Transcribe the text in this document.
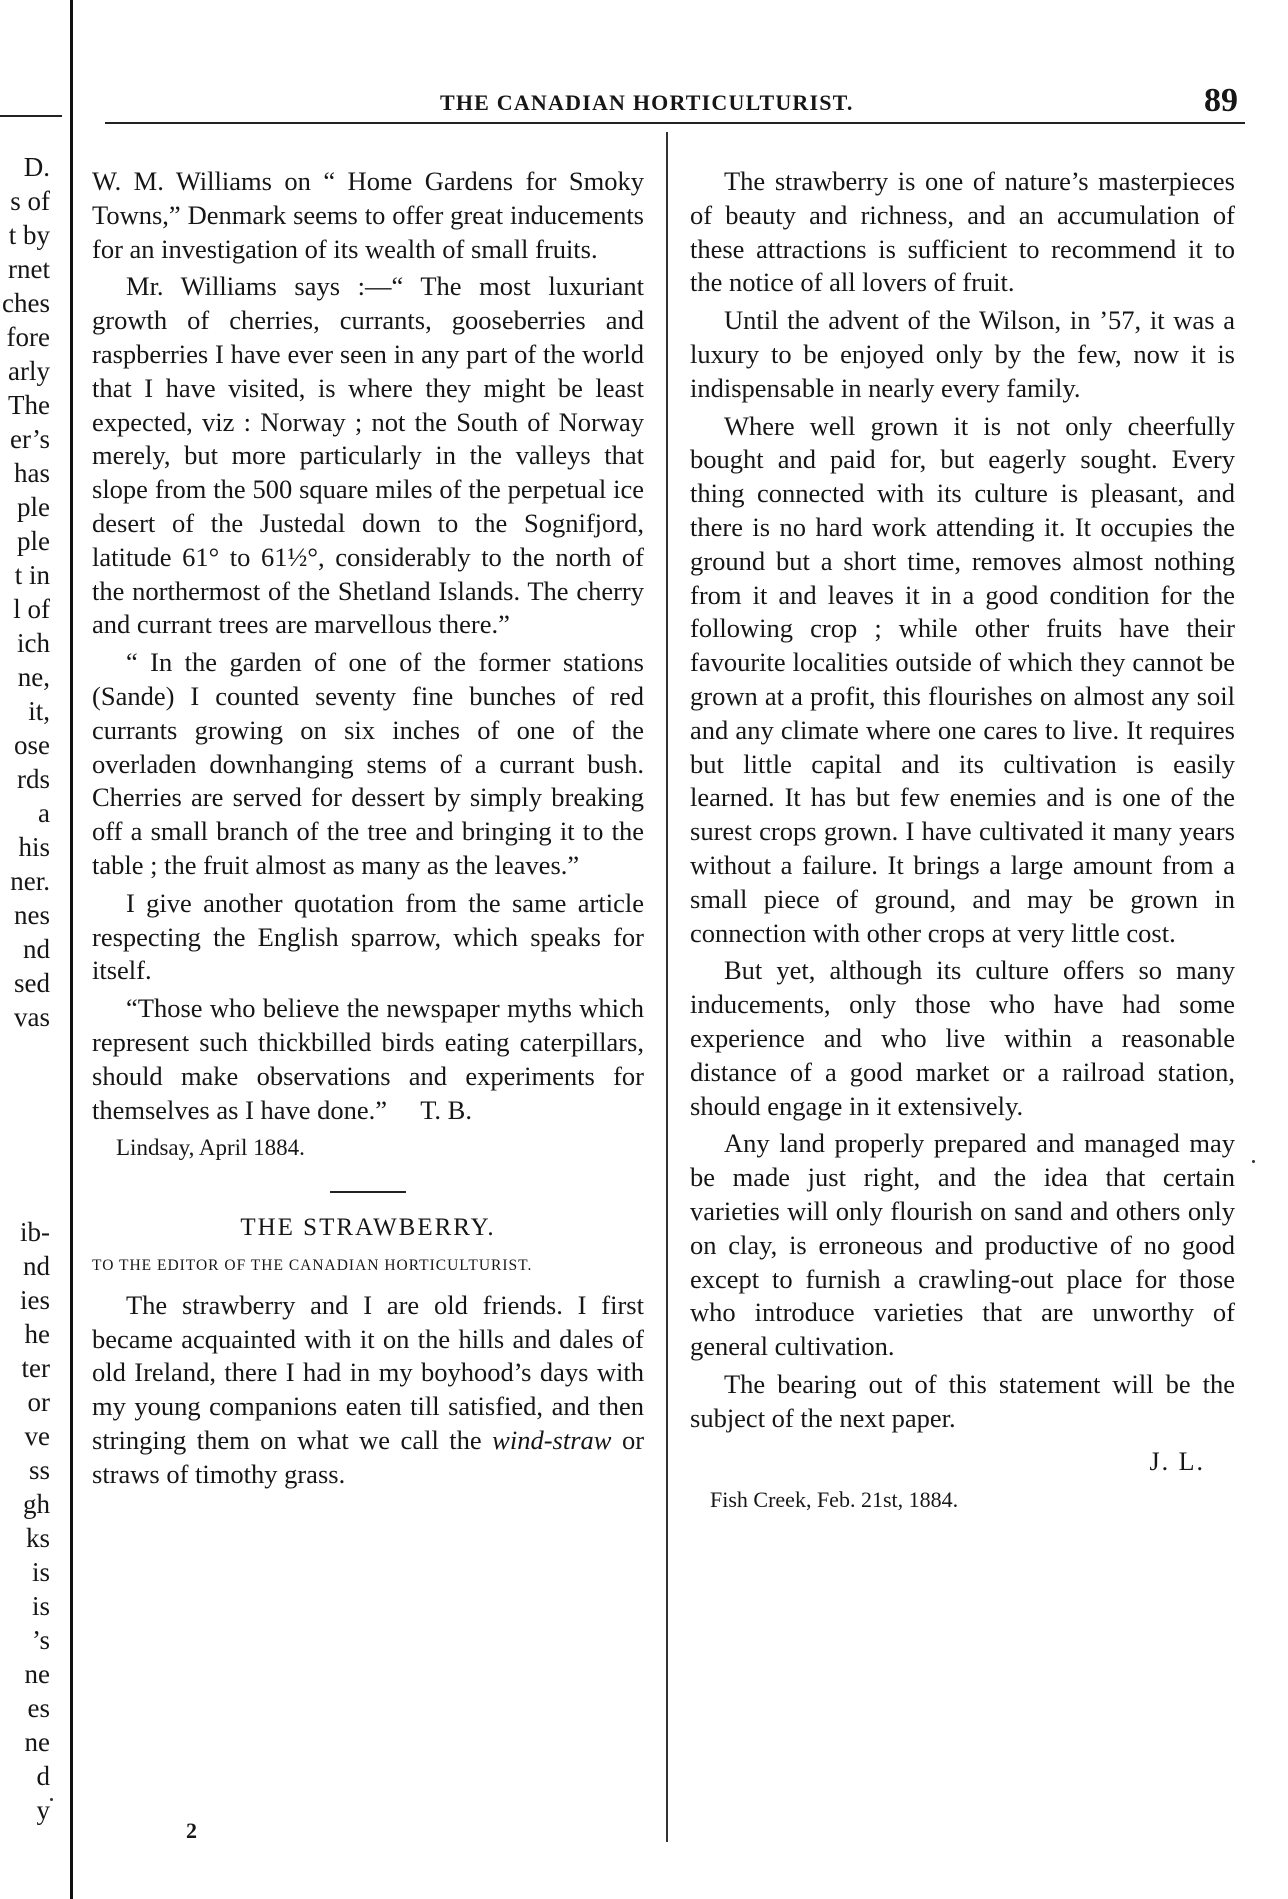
D.
s of
t by
rnet
ches
fore
arly
The
er’s
has
ple
ple
t in
l of
ich
ne,
it,
ose
rds
a
his
ner.
nes
nd
sed
vas
ib-
nd
ies
he
ter
or
ve
ss
gh
ks
is
is
’s
ne
es
ne
d
y
THE CANADIAN HORTICULTURIST.	89

W. M. Williams on “ Home Gardens for Smoky Towns,” Denmark seems to offer great inducements for an investigation of its wealth of small fruits.

Mr. Williams says :—“ The most luxuriant growth of cherries, currants, gooseberries and raspberries I have ever seen in any part of the world that I have visited, is where they might be least expected, viz : Norway ; not the South of Norway merely, but more particularly in the valleys that slope from the 500 square miles of the perpetual ice desert of the Justedal down to the Sognifjord, latitude 61° to 61½°, considerably to the north of the northermost of the Shetland Islands. The cherry and currant trees are marvellous there.”

“ In the garden of one of the former stations (Sande) I counted seventy fine bunches of red currants growing on six inches of one of the overladen downhanging stems of a currant bush. Cherries are served for dessert by simply breaking off a small branch of the tree and bringing it to the table ; the fruit almost as many as the leaves.”

I give another quotation from the same article respecting the English sparrow, which speaks for itself.

“Those who believe the newspaper myths which represent such thickbilled birds eating caterpillars, should make observations and experiments for themselves as I have done.” T. B.

Lindsay, April 1884.

THE STRAWBERRY.
TO THE EDITOR OF THE CANADIAN HORTICULTURIST.

The strawberry and I are old friends. I first became acquainted with it on the hills and dales of old Ireland, there I had in my boyhood’s days with my young companions eaten till satisfied, and then stringing them on what we call the wind-straw or straws of timothy grass.

2

The strawberry is one of nature’s masterpieces of beauty and richness, and an accumulation of these attractions is sufficient to recommend it to the notice of all lovers of fruit.

Until the advent of the Wilson, in ’57, it was a luxury to be enjoyed only by the few, now it is indispensable in nearly every family.

Where well grown it is not only cheerfully bought and paid for, but eagerly sought. Every thing connected with its culture is pleasant, and there is no hard work attending it. It occupies the ground but a short time, removes almost nothing from it and leaves it in a good condition for the following crop ; while other fruits have their favourite localities outside of which they cannot be grown at a profit, this flourishes on almost any soil and any climate where one cares to live. It requires but little capital and its cultivation is easily learned. It has but few enemies and is one of the surest crops grown. I have cultivated it many years without a failure. It brings a large amount from a small piece of ground, and may be grown in connection with other crops at very little cost.

But yet, although its culture offers so many inducements, only those who have had some experience and who live within a reasonable distance of a good market or a railroad station, should engage in it extensively.

Any land properly prepared and managed may be made just right, and the idea that certain varieties will only flourish on sand and others only on clay, is erroneous and productive of no good except to furnish a crawling-out place for those who introduce varieties that are unworthy of general cultivation.

The bearing out of this statement will be the subject of the next paper.

J. L.

Fish Creek, Feb. 21st, 1884.
